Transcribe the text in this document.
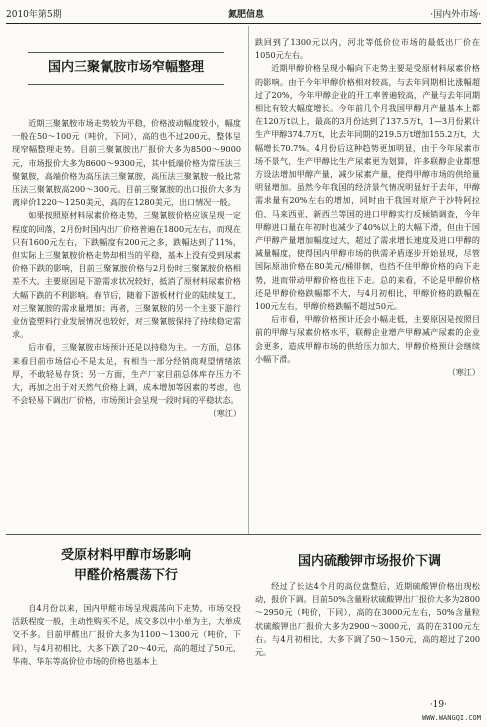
2010年第5期	氮肥信息	·国内外市场·
国内三聚氰胺市场窄幅整理

近期三聚氰胺市场走势较为平稳，价格波动幅度较小，幅度一般在50～100元（吨价，下同），高的也不过200元，整体呈现窄幅整理走势。目前三聚氰胺出厂报价大多为8500～9000元，市场报价大多为8600～9300元，其中低端价格为常压法三聚氰胺，高端价格为高压法三聚氰胺，高压法三聚氰胺一般比常压法三聚氰胺高200～300元。目前三聚氰胺的出口报价大多为离岸价1220～1250美元，高的在1280美元，出口情况一般。

如果按照原材料尿素价格走势，三聚氰胺价格应该呈现一定程度的回落，2月份时国内出厂价格普遍在1800元左右，而现在只有1600元左右，下跌幅度有200元之多，跌幅达到了11%，但实际上三聚氰胺价格走势却相当的平稳，基本上没有受到尿素价格下跌的影响，目前三聚氰胺价格与2月份时三聚氰胺价格相差不大。主要原因是下游需求状况较好，抵消了原材料尿素价格大幅下跌的不利影响。春节后，随着下游板材行业的陆续复工，对三聚氰胺的需求量增加；再者，三聚氰胺的另一个主要下游行业仿瓷塑料行业发展情况也较好，对三聚氰胺保持了持续稳定需求。

后市看，三聚氰胺市场预计还是以持稳为主。一方面，总体来看目前市场信心不是太足，有相当一部分经销商观望情绪浓厚，不敢轻易存货；另一方面，生产厂家目前总体库存压力不大，再加之出于对天然气价格上调，成本增加等因素的考虑，也不会轻易下调出厂价格，市场预计会呈现一段时间的平稳状态。

（寒江）

跌回到了1300元以内，河北等低价位市场的最低出厂价在1050元左右。

近期甲醇价格呈现小幅向下走势主要是受原材料尿素价格的影响。由于今年甲醇价格相对较高，与去年同期相比涨幅超过了20%，今年甲醇企业的开工率普遍较高，产量与去年同期相比有较大幅度增长。今年前几个月我国甲醇月产量基本上都在120万t以上，最高的3月份达到了137.5万t，1—3月份累计生产甲醇374.7万t，比去年同期的219.5万t增加155.2万t，大幅增长70.7%。4月份后这种趋势更加明显，由于今年尿素市场不景气，生产甲醇比生产尿素更为划算，许多联醇企业都想方设法增加甲醇产量，减少尿素产量，使得甲醇市场的供给量明显增加。虽然今年我国的经济景气情况明显好于去年，甲醇需求量有20%左右的增加，同时由于我国对原产于沙特阿拉伯、马来西亚、新西兰等国的进口甲醇实行反倾销调查，今年甲醇进口量在年初时也减少了40%以上的大幅下滑，但由于国产甲醇产量增加幅度过大，超过了需求增长速度及进口甲醇的减量幅度，使得国内甲醇市场的供需矛盾逐步开始显现，尽管国际原油价格在80美元/桶徘徊，也挡不住甲醇价格的向下走势，进而带动甲醇价格也往下走。总的来看，不论是甲醇价格还是甲醇价格跌幅都不大，与4月初相比，甲醇价格的跌幅在100元左右，甲醇价格跌幅不超过50元。

后市看，甲醇价格预计还会小幅走低，主要原因是按照目前的甲醇与尿素价格水平，联醇企业增产甲醇减产尿素的企业会更多，造成甲醇市场的供给压力加大，甲醇价格预计会继续小幅下滑。

（寒江）

受原材料甲醇市场影响
甲醛价格震荡下行

自4月份以来，国内甲醛市场呈现震荡向下走势，市场交投活跃程度一般，主动性购买不足，成交多以中小单为主，大单成交不多。目前甲醛出厂报价大多为1100～1300元（吨价，下同），与4月初相比，大多下跌了20～40元，高的超过了50元，华南、华东等高价位市场的价格也基本上

国内硫酸钾市场报价下调

经过了长达4个月的高位盘整后，近期硫酸钾价格出现松动，报价下调。目前50%含量粉状硫酸钾出厂报价大多为2800～2950元（吨价，下同），高的在3000元左右，50%含量粒状硫酸钾出厂报价大多为2900～3000元，高的在3100元左右。与4月初相比，大多下调了50～150元，高的超过了200元。

·19·
WWW.WANGQI.COM
